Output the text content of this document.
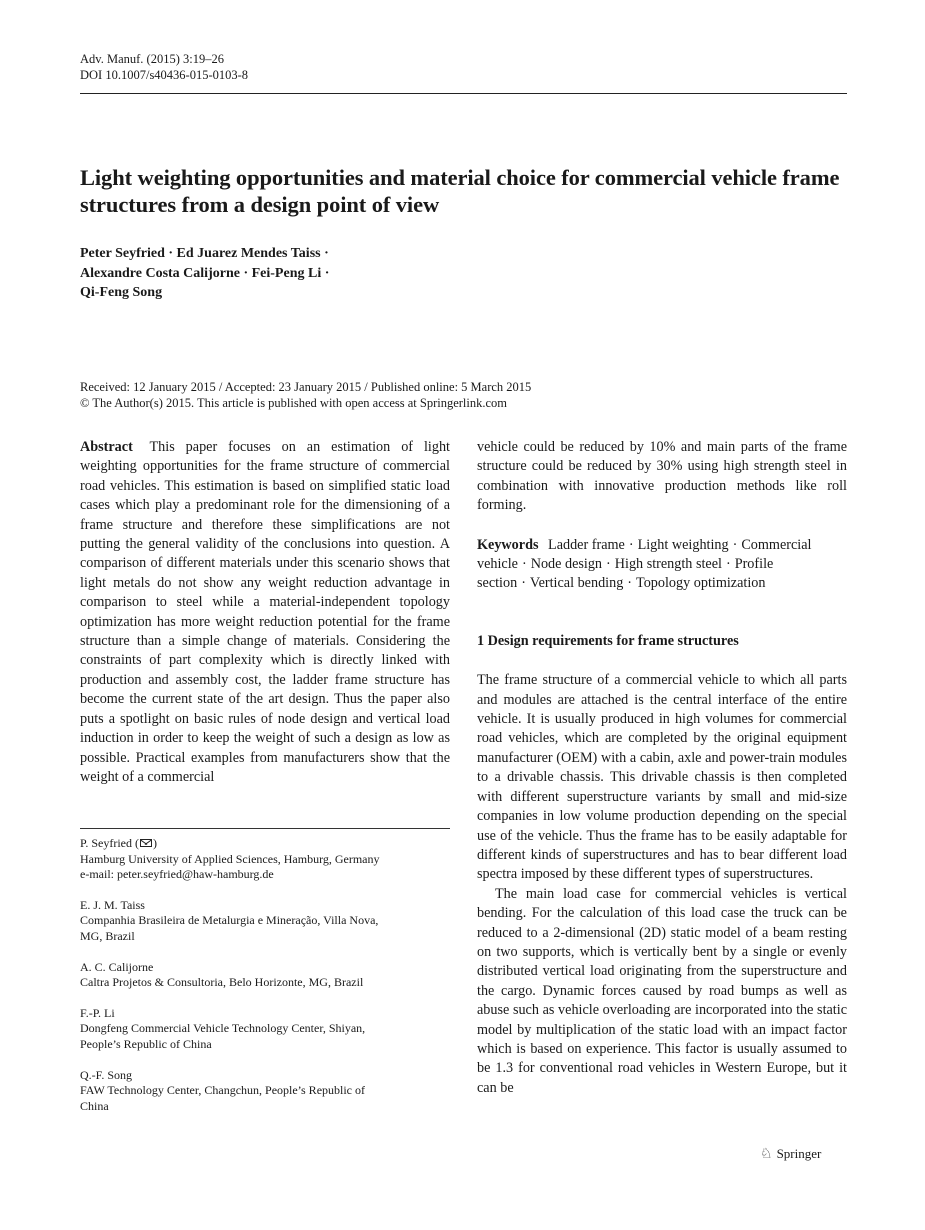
Adv. Manuf. (2015) 3:19–26
DOI 10.1007/s40436-015-0103-8
Light weighting opportunities and material choice for commercial vehicle frame structures from a design point of view
Peter Seyfried · Ed Juarez Mendes Taiss ·
Alexandre Costa Calijorne · Fei-Peng Li ·
Qi-Feng Song
Received: 12 January 2015 / Accepted: 23 January 2015 / Published online: 5 March 2015
© The Author(s) 2015. This article is published with open access at Springerlink.com

Abstract This paper focuses on an estimation of light weighting opportunities for the frame structure of commercial road vehicles. This estimation is based on simplified static load cases which play a predominant role for the dimensioning of a frame structure and therefore these simplifications are not putting the general validity of the conclusions into question. A comparison of different materials under this scenario shows that light metals do not show any weight reduction advantage in comparison to steel while a material-independent topology optimization has more weight reduction potential for the frame structure than a simple change of materials. Considering the constraints of part complexity which is directly linked with production and assembly cost, the ladder frame structure has become the current state of the art design. Thus the paper also puts a spotlight on basic rules of node design and vertical load induction in order to keep the weight of such a design as low as possible. Practical examples from manufacturers show that the weight of a commercial

P. Seyfried ( )
Hamburg University of Applied Sciences, Hamburg, Germany
e-mail: peter.seyfried@haw-hamburg.de
E. J. M. Taiss
Companhia Brasileira de Metalurgia e Mineração, Villa Nova,
MG, Brazil
A. C. Calijorne
Caltra Projetos & Consultoria, Belo Horizonte, MG, Brazil
F.-P. Li
Dongfeng Commercial Vehicle Technology Center, Shiyan,
People’s Republic of China
Q.-F. Song
FAW Technology Center, Changchun, People’s Republic of
China

vehicle could be reduced by 10% and main parts of the frame structure could be reduced by 30% using high strength steel in combination with innovative production methods like roll forming.

Keywords Ladder frame · Light weighting · Commercial vehicle · Node design · High strength steel · Profile section · Vertical bending · Topology optimization

1 Design requirements for frame structures

The frame structure of a commercial vehicle to which all parts and modules are attached is the central interface of the entire vehicle. It is usually produced in high volumes for commercial road vehicles, which are completed by the original equipment manufacturer (OEM) with a cabin, axle and power-train modules to a drivable chassis. This drivable chassis is then completed with different superstructure variants by small and mid-size companies in low volume production depending on the special use of the vehicle. Thus the frame has to be easily adaptable for different kinds of superstructures and has to bear different load spectra imposed by these different types of superstructures.

The main load case for commercial vehicles is vertical bending. For the calculation of this load case the truck can be reduced to a 2-dimensional (2D) static model of a beam resting on two supports, which is vertically bent by a single or evenly distributed vertical load originating from the superstructure and the cargo. Dynamic forces caused by road bumps as well as abuse such as vehicle overloading are incorporated into the static model by multiplication of the static load with an impact factor which is based on experience. This factor is usually assumed to be 1.3 for conventional road vehicles in Western Europe, but it can be

♘ Springer
